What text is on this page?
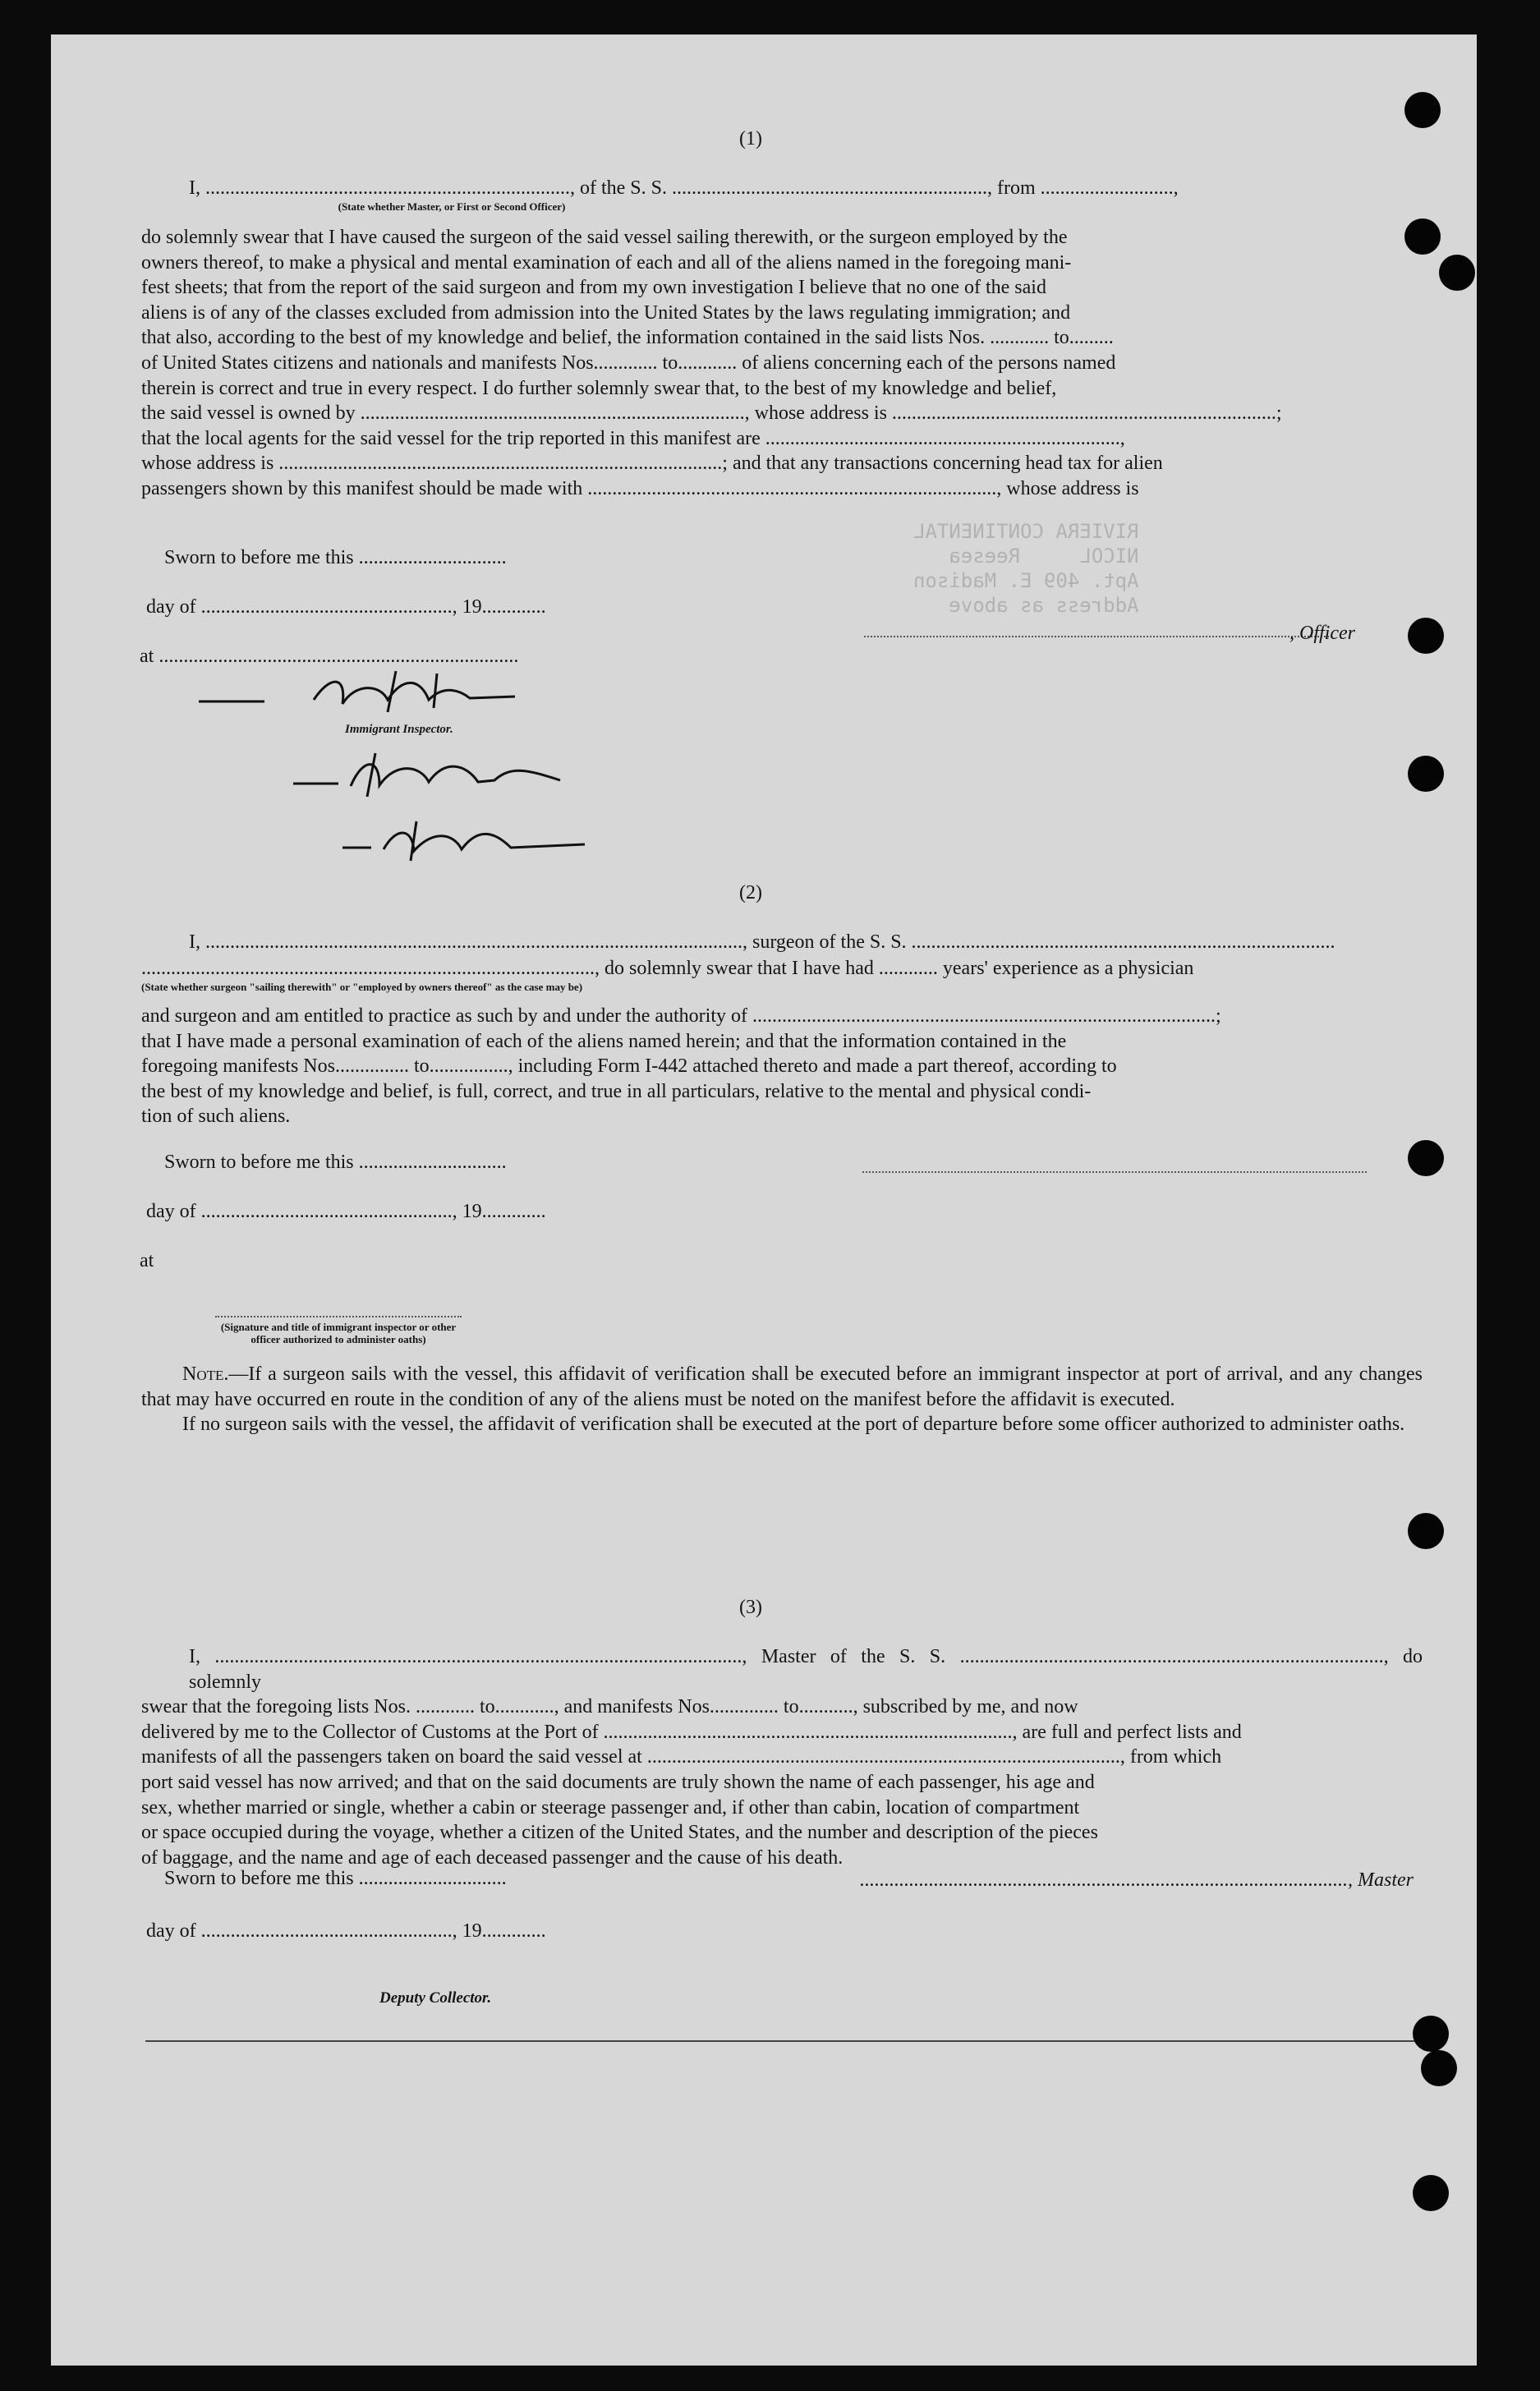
RIVIERA CONTINENTAL
NICOL     Reesea
Apt. 409 E. Madison
Address as above
(1)
I, .........................................................................., of the S. S. ................................................................, from ...........................,
(State whether Master, or First or Second Officer)

do solemnly swear that I have caused the surgeon of the said vessel sailing therewith, or the surgeon employed by the

owners thereof, to make a physical and mental examination of each and all of the aliens named in the foregoing mani-

fest sheets; that from the report of the said surgeon and from my own investigation I believe that no one of the said

aliens is of any of the classes excluded from admission into the United States by the laws regulating immigration; and

that also, according to the best of my knowledge and belief, the information contained in the said lists Nos. ............ to.........

of United States citizens and nationals and manifests Nos............. to............ of aliens concerning each of the persons named

therein is correct and true in every respect. I do further solemnly swear that, to the best of my knowledge and belief,

the said vessel is owned by .............................................................................., whose address is ..............................................................................;

that the local agents for the said vessel for the trip reported in this manifest are ........................................................................,

whose address is ..........................................................................................; and that any transactions concerning head tax for alien

passengers shown by this manifest should be made with ..................................................................................., whose address is

Sworn to before me this ..............................
day of ..................................................., 19.............
at .........................................................................
, Officer
Immigrant Inspector.
(2)
I, ............................................................................................................., surgeon of the S. S. ......................................................................................
............................................................................................, do solemnly swear that I have had ............ years' experience as a physician
(State whether surgeon "sailing therewith" or "employed by owners thereof" as the case may be)

and surgeon and am entitled to practice as such by and under the authority of ..............................................................................................;

that I have made a personal examination of each of the aliens named herein; and that the information contained in the

foregoing manifests Nos............... to................, including Form I-442 attached thereto and made a part thereof, according to

the best of my knowledge and belief, is full, correct, and true in all particulars, relative to the mental and physical condi-

tion of such aliens.

Sworn to before me this ..............................
day of ..................................................., 19.............
at
(Signature and title of immigrant inspector or other officer authorized to administer oaths)

Note.—If a surgeon sails with the vessel, this affidavit of verification shall be executed before an immigrant inspector at port of arrival, and any changes that may have occurred en route in the condition of any of the aliens must be noted on the manifest before the affidavit is executed.

If no surgeon sails with the vessel, the affidavit of verification shall be executed at the port of departure before some officer authorized to administer oaths.

(3)

I, ..........................................................................................................., Master of the S. S. ......................................................................................, do solemnly

swear that the foregoing lists Nos. ............ to............, and manifests Nos.............. to..........., subscribed by me, and now

delivered by me to the Collector of Customs at the Port of ..................................................................................., are full and perfect lists and

manifests of all the passengers taken on board the said vessel at ................................................................................................, from which

port said vessel has now arrived; and that on the said documents are truly shown the name of each passenger, his age and

sex, whether married or single, whether a cabin or steerage passenger and, if other than cabin, location of compartment

or space occupied during the voyage, whether a citizen of the United States, and the number and description of the pieces

of baggage, and the name and age of each deceased passenger and the cause of his death.

Sworn to before me this ..............................	..................................................................................................., Master
day of ..................................................., 19.............
Deputy Collector.
